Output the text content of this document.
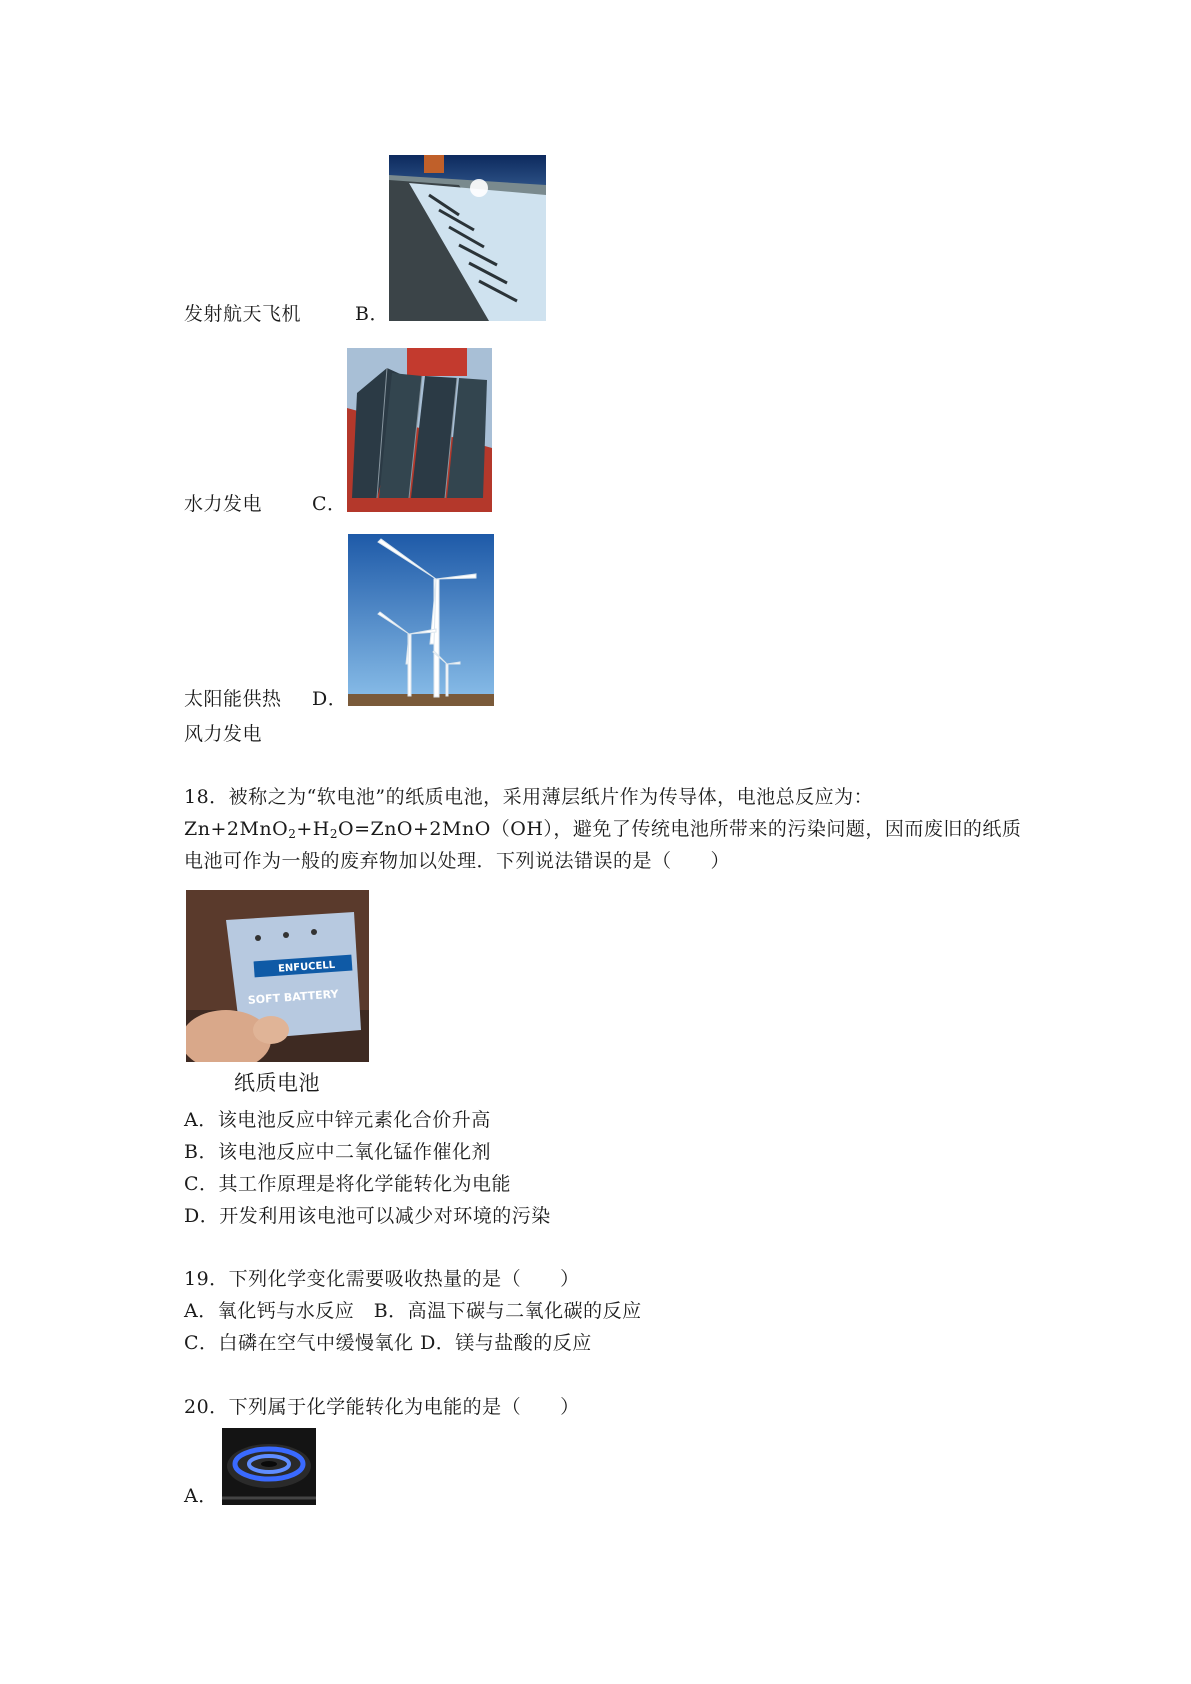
发射航天飞机	B．
水力发电	C．
太阳能供热 D．
风力发电
18．被称之为“软电池”的纸质电池，采用薄层纸片作为传导体，电池总反应为：
$Zn+2MnO_2+H_2O=ZnO+2MnO(OH)$，避免了传统电池所带来的污染问题，因而废旧的纸质
电池可作为一般的废弃物加以处理．下列说法错误的是（　　）
ENFUCELL
SOFT BATTERY
纸质电池
A．该电池反应中锌元素化合价升高
B．该电池反应中二氧化锰作催化剂
C．其工作原理是将化学能转化为电能
D．开发利用该电池可以减少对环境的污染
19．下列化学变化需要吸收热量的是（　　）
A．氧化钙与水反应　B．高温下碳与二氧化碳的反应
C．白磷在空气中缓慢氧化 D．镁与盐酸的反应
20．下列属于化学能转化为电能的是（　　）
A．
